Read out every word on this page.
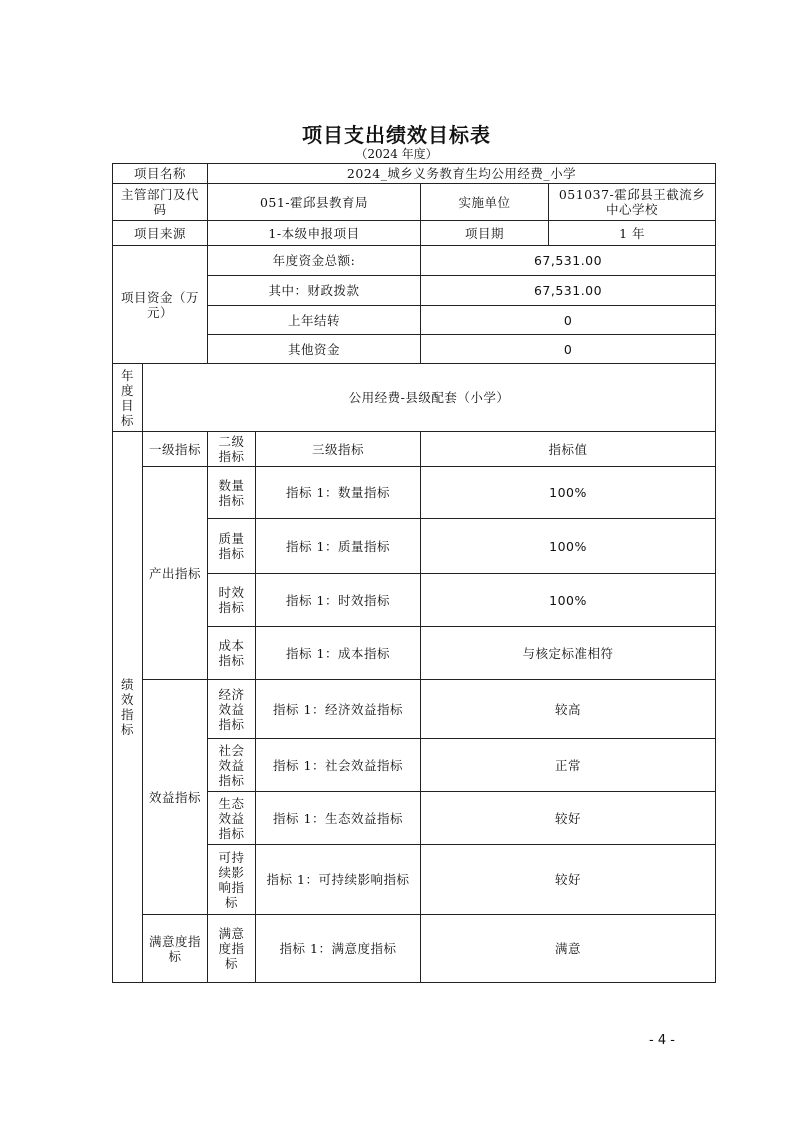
项目支出绩效目标表
（2024 年度）
项目名称		2024_城乡义务教育生均公用经费_小学			
主管部门及代码		051-霍邱县教育局		实施单位	051037-霍邱县王截流乡中心学校
项目来源		1-本级申报项目		项目期	1 年
项目资金（万元）		年度资金总额:		67,531.00	
		其中：财政拨款		67,531.00	
		上年结转		0	
		其他资金		0	
年度目标	公用经费-县级配套（小学）				
绩效指标	一级指标	二级指标	三级指标	指标值	
	产出指标	数量指标	指标 1：数量指标	100%	
		质量指标	指标 1：质量指标	100%	
		时效指标	指标 1：时效指标	100%	
		成本指标	指标 1：成本指标	与核定标准相符	
	效益指标	经济效益指标	指标 1：经济效益指标	较高	
		社会效益指标	指标 1：社会效益指标	正常	
		生态效益指标	指标 1：生态效益指标	较好	
		可持续影响指标	指标 1：可持续影响指标	较好	
	满意度指标	满意度指标	指标 1：满意度指标	满意	
- 4 -
